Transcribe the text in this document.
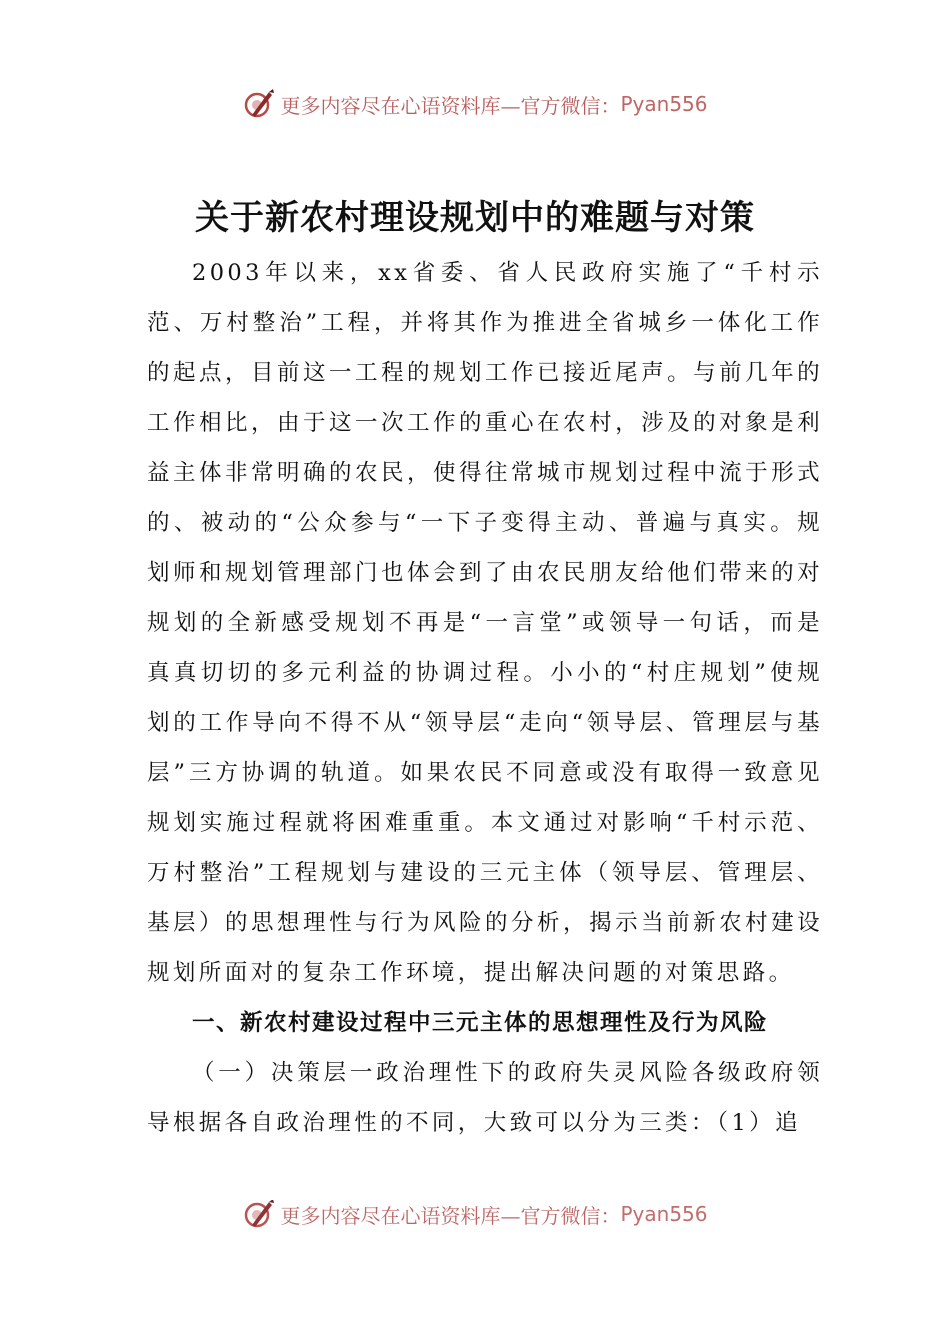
更多内容尽在心语资料库—官方微信： Pyan556
关于新农村理设规划中的难题与对策

2003年以来，xx省委、省人民政府实施了“千村示范、万村整治”工程，并将其作为推进全省城乡一体化工作的起点，目前这一工程的规划工作已接近尾声。与前几年的工作相比，由于这一次工作的重心在农村，涉及的对象是利益主体非常明确的农民，使得往常城市规划过程中流于形式的、被动的“公众参与“一下子变得主动、普遍与真实。规划师和规划管理部门也体会到了由农民朋友给他们带来的对规划的全新感受规划不再是“一言堂”或领导一句话，而是真真切切的多元利益的协调过程。小小的“村庄规划”使规划的工作导向不得不从“领导层“走向“领导层、管理层与基层”三方协调的轨道。如果农民不同意或没有取得一致意见规划实施过程就将困难重重。本文通过对影响“千村示范、万村整治”工程规划与建设的三元主体（领导层、管理层、基层）的思想理性与行为风险的分析，揭示当前新农村建设规划所面对的复杂工作环境，提出解决问题的对策思路。

一、新农村建设过程中三元主体的思想理性及行为风险

（一）决策层一政治理性下的政府失灵风险各级政府领导根据各自政治理性的不同，大致可以分为三类：（1）追

更多内容尽在心语资料库—官方微信： Pyan556
